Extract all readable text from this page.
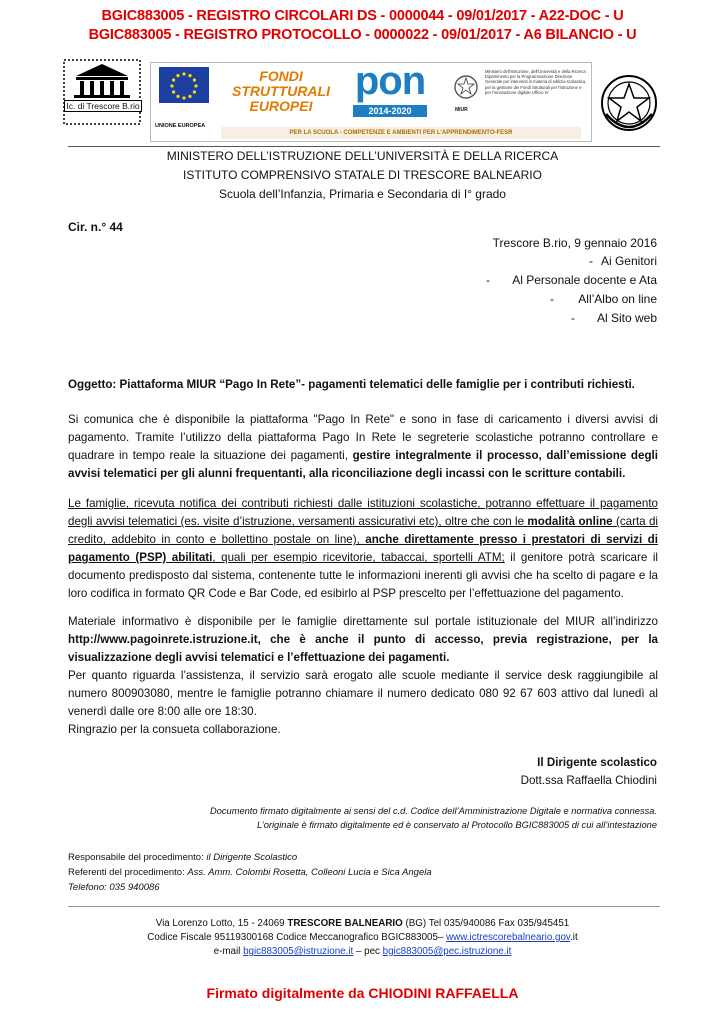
BGIC883005 - REGISTRO CIRCOLARI DS - 0000044 - 09/01/2017 - A22-DOC - U
BGIC883005 - REGISTRO PROTOCOLLO - 0000022 - 09/01/2017 - A6 BILANCIO - U
Ic. di Trescore B.rio
UNIONE EUROPEA
FONDI
STRUTTURALI
EUROPEI
pon
2014-2020	MIUR
Ministero dell'Istruzione, dell'Università e della Ricerca Dipartimento per la Programmazione Direzione Generale per interventi in materia di edilizia scolastica, per la gestione dei Fondi Strutturali per l'istruzione e per l'innovazione digitale Ufficio IV
PER LA SCUOLA - COMPETENZE E AMBIENTI PER L'APPRENDIMENTO-FESR
MINISTERO DELL’ISTRUZIONE DELL’UNIVERSITÀ E DELLA RICERCA
ISTITUTO COMPRENSIVO STATALE DI TRESCORE BALNEARIO
Scuola dell’Infanzia, Primaria e Secondaria di I° grado
Cir. n.° 44
Trescore B.rio, 9 gennaio 2016
- Ai Genitori
- Al Personale docente e Ata
- All’Albo on line
- Al Sito web
Oggetto: Piattaforma MIUR “Pago In Rete”- pagamenti telematici delle famiglie per i contributi richiesti.
Si comunica che è disponibile la piattaforma "Pago In Rete" e sono in fase di caricamento i diversi avvisi di pagamento. Tramite l’utilizzo della piattaforma Pago In Rete le segreterie scolastiche potranno controllare e quadrare in tempo reale la situazione dei pagamenti, gestire integralmente il processo, dall’emissione degli avvisi telematici per gli alunni frequentanti, alla riconciliazione degli incassi con le scritture contabili.
Le famiglie, ricevuta notifica dei contributi richiesti dalle istituzioni scolastiche, potranno effettuare il pagamento degli avvisi telematici (es. visite d’istruzione, versamenti assicurativi etc), oltre che con le modalità online (carta di credito, addebito in conto e bollettino postale on line), anche direttamente presso i prestatori di servizi di pagamento (PSP) abilitati, quali per esempio ricevitorie, tabaccai, sportelli ATM; il genitore potrà scaricare il documento predisposto dal sistema, contenente tutte le informazioni inerenti gli avvisi che ha scelto di pagare e la loro codifica in formato QR Code e Bar Code, ed esibirlo al PSP prescelto per l’effettuazione del pagamento.
Materiale informativo è disponibile per le famiglie direttamente sul portale istituzionale del MIUR all’indirizzo http://www.pagoinrete.istruzione.it, che è anche il punto di accesso, previa registrazione, per la visualizzazione degli avvisi telematici e l’effettuazione dei pagamenti.
Per quanto riguarda l’assistenza, il servizio sarà erogato alle scuole mediante il service desk raggiungibile al numero 800903080, mentre le famiglie potranno chiamare il numero dedicato 080 92 67 603 attivo dal lunedì al venerdì dalle ore 8:00 alle ore 18:30.
Ringrazio per la consueta collaborazione.
Il Dirigente scolastico
Dott.ssa Raffaella Chiodini
Documento firmato digitalmente ai sensi del c.d. Codice dell’Amministrazione Digitale e normativa connessa.
L’originale è firmato digitalmente ed è conservato al Protocollo BGIC883005 di cui all’intestazione
Responsabile del procedimento: il Dirigente Scolastico
Referenti del procedimento: Ass. Amm. Colombi Rosetta, Colleoni Lucia e Sica Angela
Telefono: 035 940086
Via Lorenzo Lotto, 15 - 24069 TRESCORE BALNEARIO (BG) Tel 035/940086 Fax 035/945451
Codice Fiscale 95119300168 Codice Meccanografico BGIC883005– www.ictrescorebalneario.gov.it
e-mail bgic883005@istruzione.it – pec bgic883005@pec.istruzione.it
Firmato digitalmente da CHIODINI RAFFAELLA
